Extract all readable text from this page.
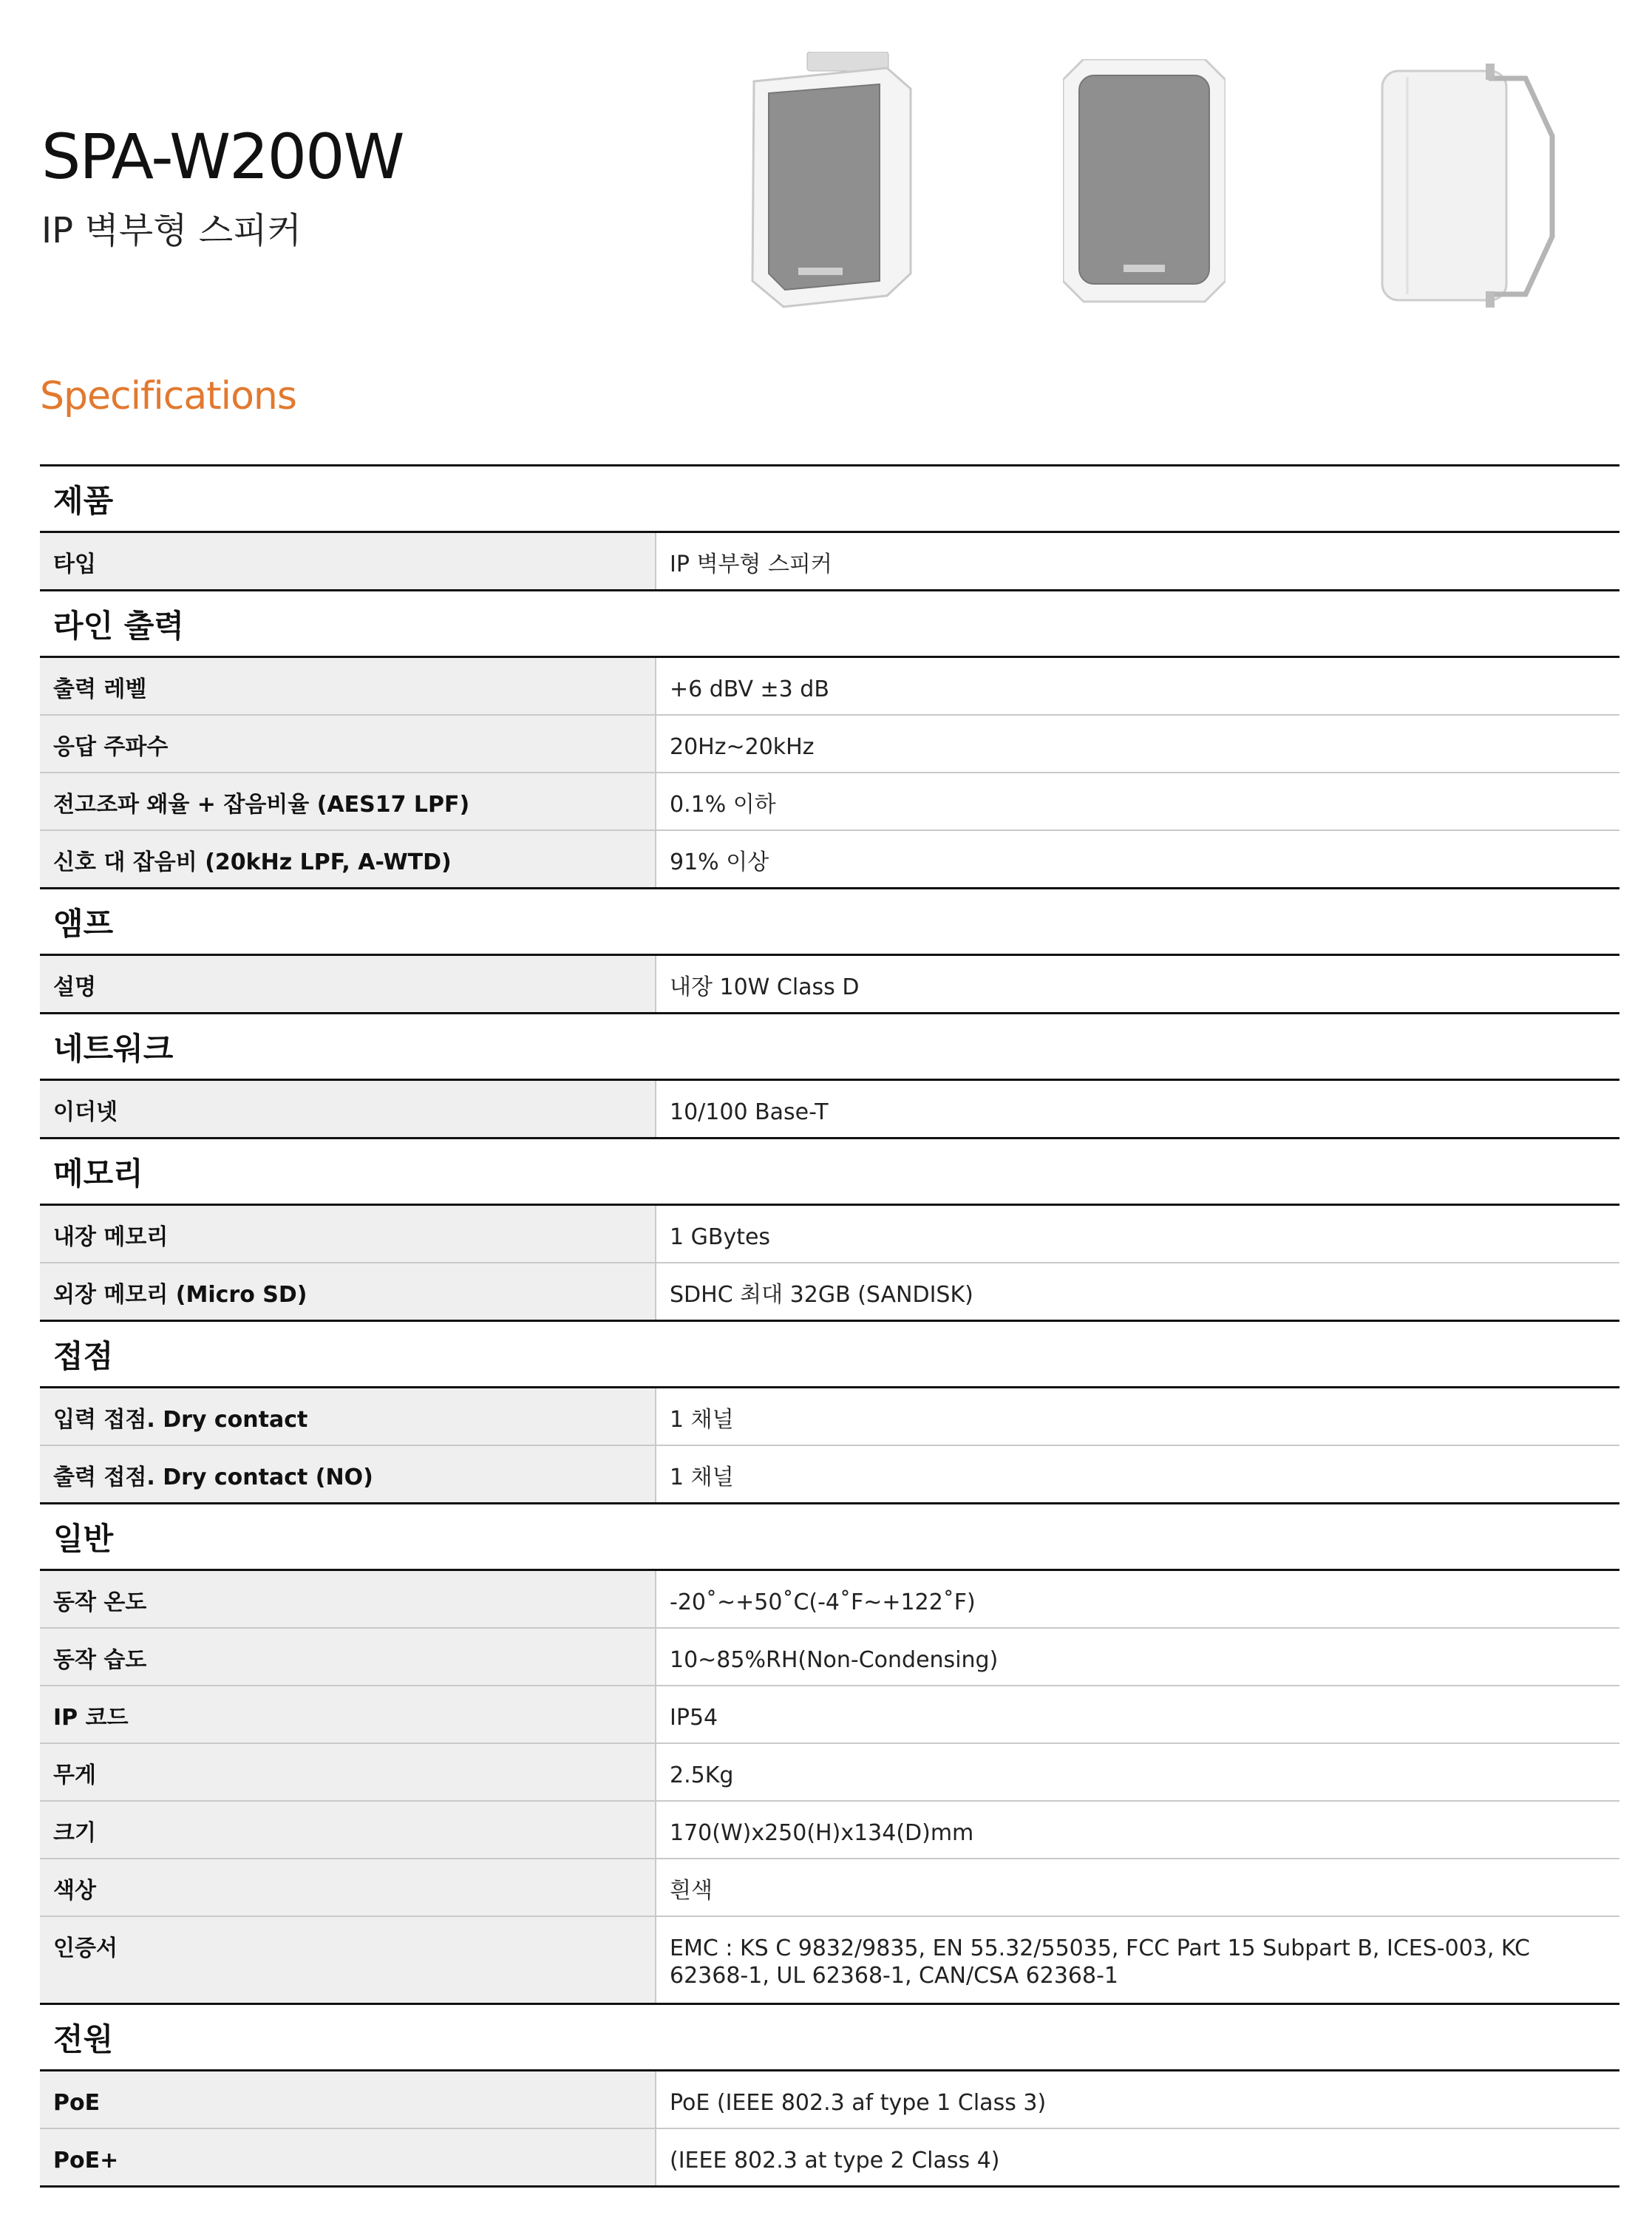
SPA-W200W
IP 벽부형 스피커
Specifications
제품	
타입	IP 벽부형 스피커
라인 출력	
출력 레벨	+6 dBV ±3 dB
응답 주파수	20Hz~20kHz
전고조파 왜율 + 잡음비율 (AES17 LPF)	0.1% 이하
신호 대 잡음비 (20kHz LPF, A-WTD)	91% 이상
앰프	
설명	내장 10W Class D
네트워크	
이더넷	10/100 Base-T
메모리	
내장 메모리	1 GBytes
외장 메모리 (Micro SD)	SDHC 최대 32GB (SANDISK)
접점	
입력 접점. Dry contact	1 채널
출력 접점. Dry contact (NO)	1 채널
일반	
동작 온도	-20˚~+50˚C(-4˚F~+122˚F)
동작 습도	10~85%RH(Non-Condensing)
IP 코드	IP54
무게	2.5Kg
크기	170(W)x250(H)x134(D)mm
색상	흰색
인증서	EMC : KS C 9832/9835, EN 55.32/55035, FCC Part 15 Subpart B, ICES-003, KC 62368-1, UL 62368-1, CAN/CSA 62368-1
전원	
PoE	PoE (IEEE 802.3 af type 1 Class 3)
PoE+	(IEEE 802.3 at type 2 Class 4)
